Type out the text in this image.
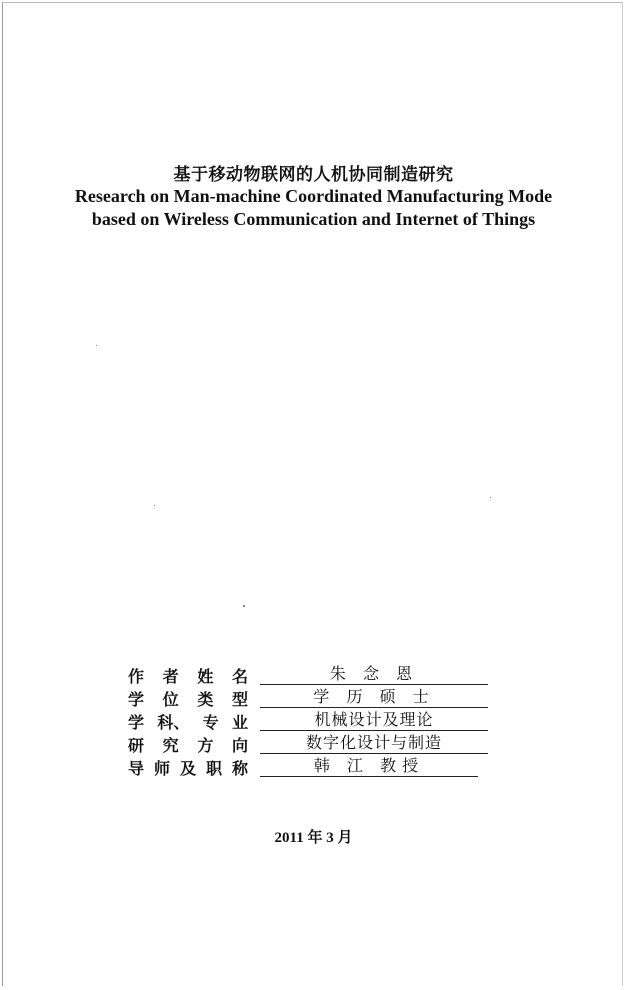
基于移动物联网的人机协同制造研究
Research on Man-machine Coordinated Manufacturing Mode
based on Wireless Communication and Internet of Things
作 者 姓 名	朱 念 恩
学 位 类 型	学 历 硕 士
学 科、 专 业	机械设计及理论
研 究 方 向	数字化设计与制造
导 师 及 职 称	韩 江 教授
2011 年 3 月
